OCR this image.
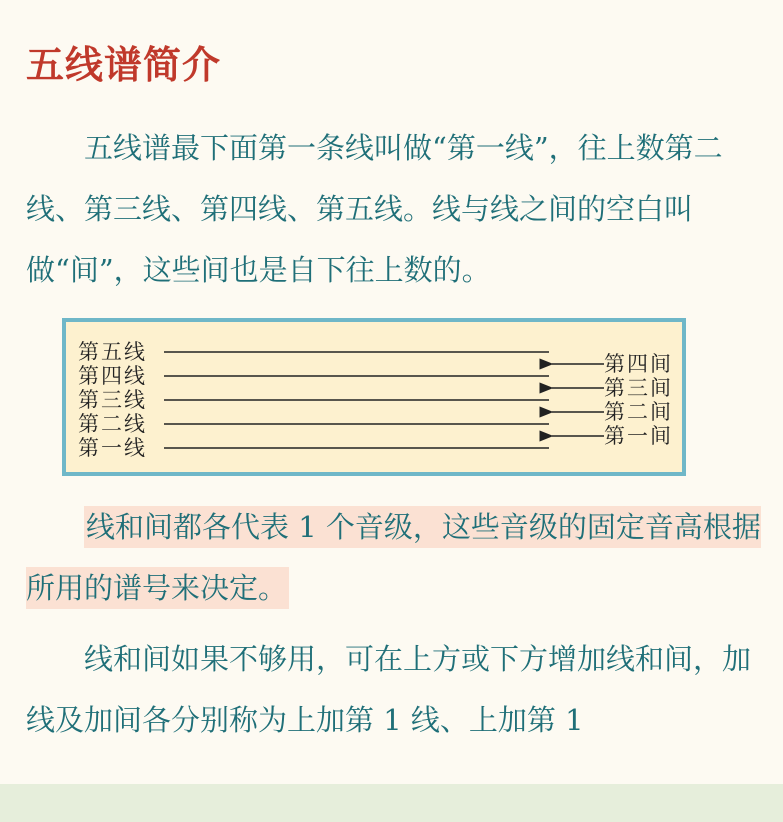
五线谱简介

五线谱最下面第一条线叫做“第一线”，往上数第二线、第三线、第四线、第五线。线与线之间的空白叫做“间”，这些间也是自下往上数的。

第五线
第四线
第三线
第二线
第一线
第四间
第三间
第二间
第一间

线和间都各代表 1 个音级，这些音级的固定音高根据所用的谱号来决定。

线和间如果不够用，可在上方或下方增加线和间，加线及加间各分别称为上加第 1 线、上加第 1
